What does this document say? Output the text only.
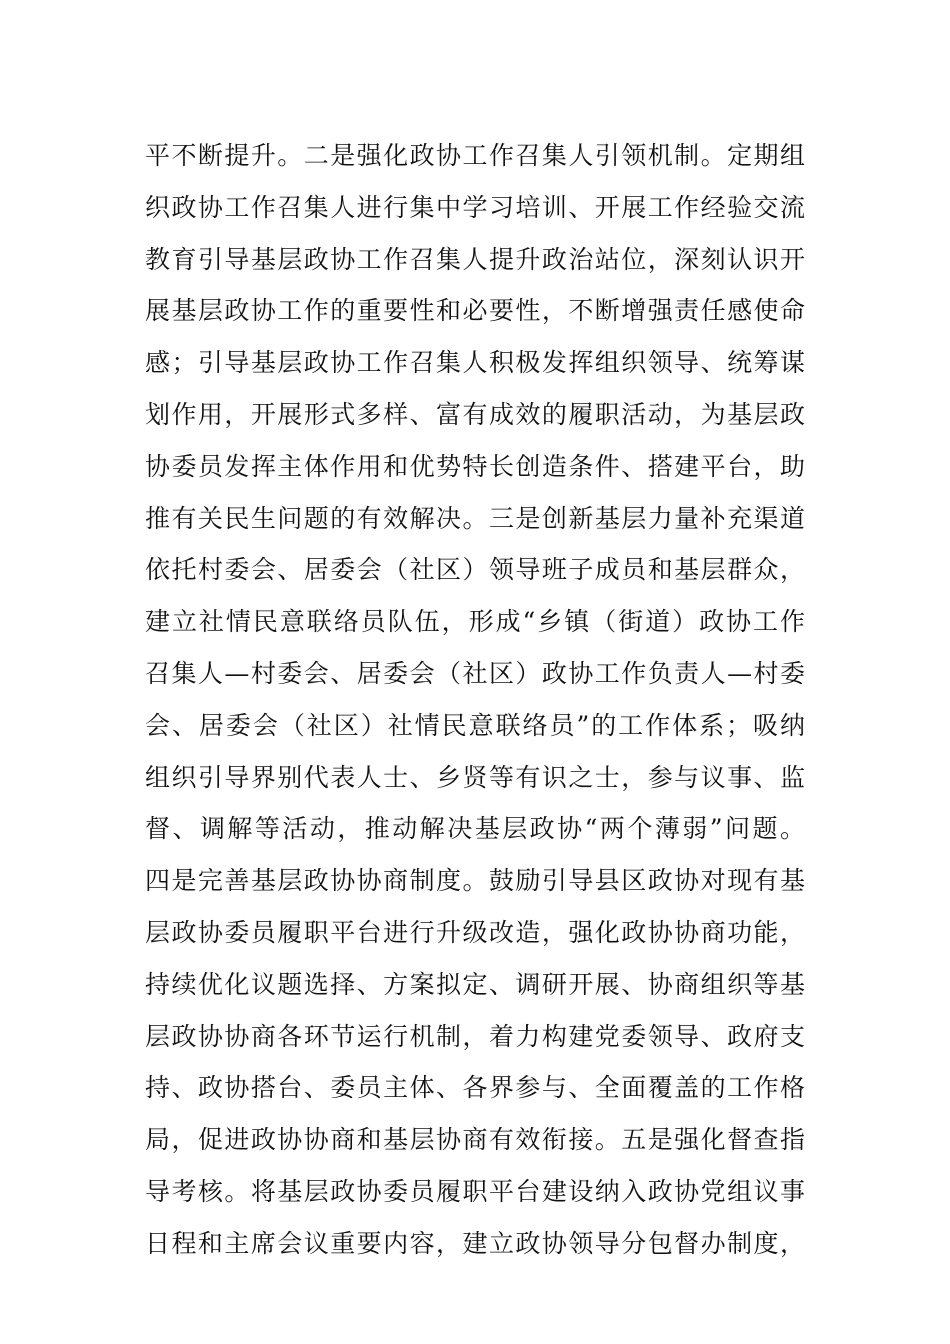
平不断提升。二是强化政协工作召集人引领机制。定期组
织政协工作召集人进行集中学习培训、开展工作经验交流
教育引导基层政协工作召集人提升政治站位，深刻认识开
展基层政协工作的重要性和必要性，不断增强责任感使命
感；引导基层政协工作召集人积极发挥组织领导、统筹谋
划作用，开展形式多样、富有成效的履职活动，为基层政
协委员发挥主体作用和优势特长创造条件、搭建平台，助
推有关民生问题的有效解决。三是创新基层力量补充渠道
依托村委会、居委会（社区）领导班子成员和基层群众，
建立社情民意联络员队伍，形成“乡镇（街道）政协工作
召集人—村委会、居委会（社区）政协工作负责人—村委
会、居委会（社区）社情民意联络员”的工作体系；吸纳
组织引导界别代表人士、乡贤等有识之士，参与议事、监
督、调解等活动，推动解决基层政协“两个薄弱”问题。
四是完善基层政协协商制度。鼓励引导县区政协对现有基
层政协委员履职平台进行升级改造，强化政协协商功能，
持续优化议题选择、方案拟定、调研开展、协商组织等基
层政协协商各环节运行机制，着力构建党委领导、政府支
持、政协搭台、委员主体、各界参与、全面覆盖的工作格
局，促进政协协商和基层协商有效衔接。五是强化督查指
导考核。将基层政协委员履职平台建设纳入政协党组议事
日程和主席会议重要内容，建立政协领导分包督办制度，
